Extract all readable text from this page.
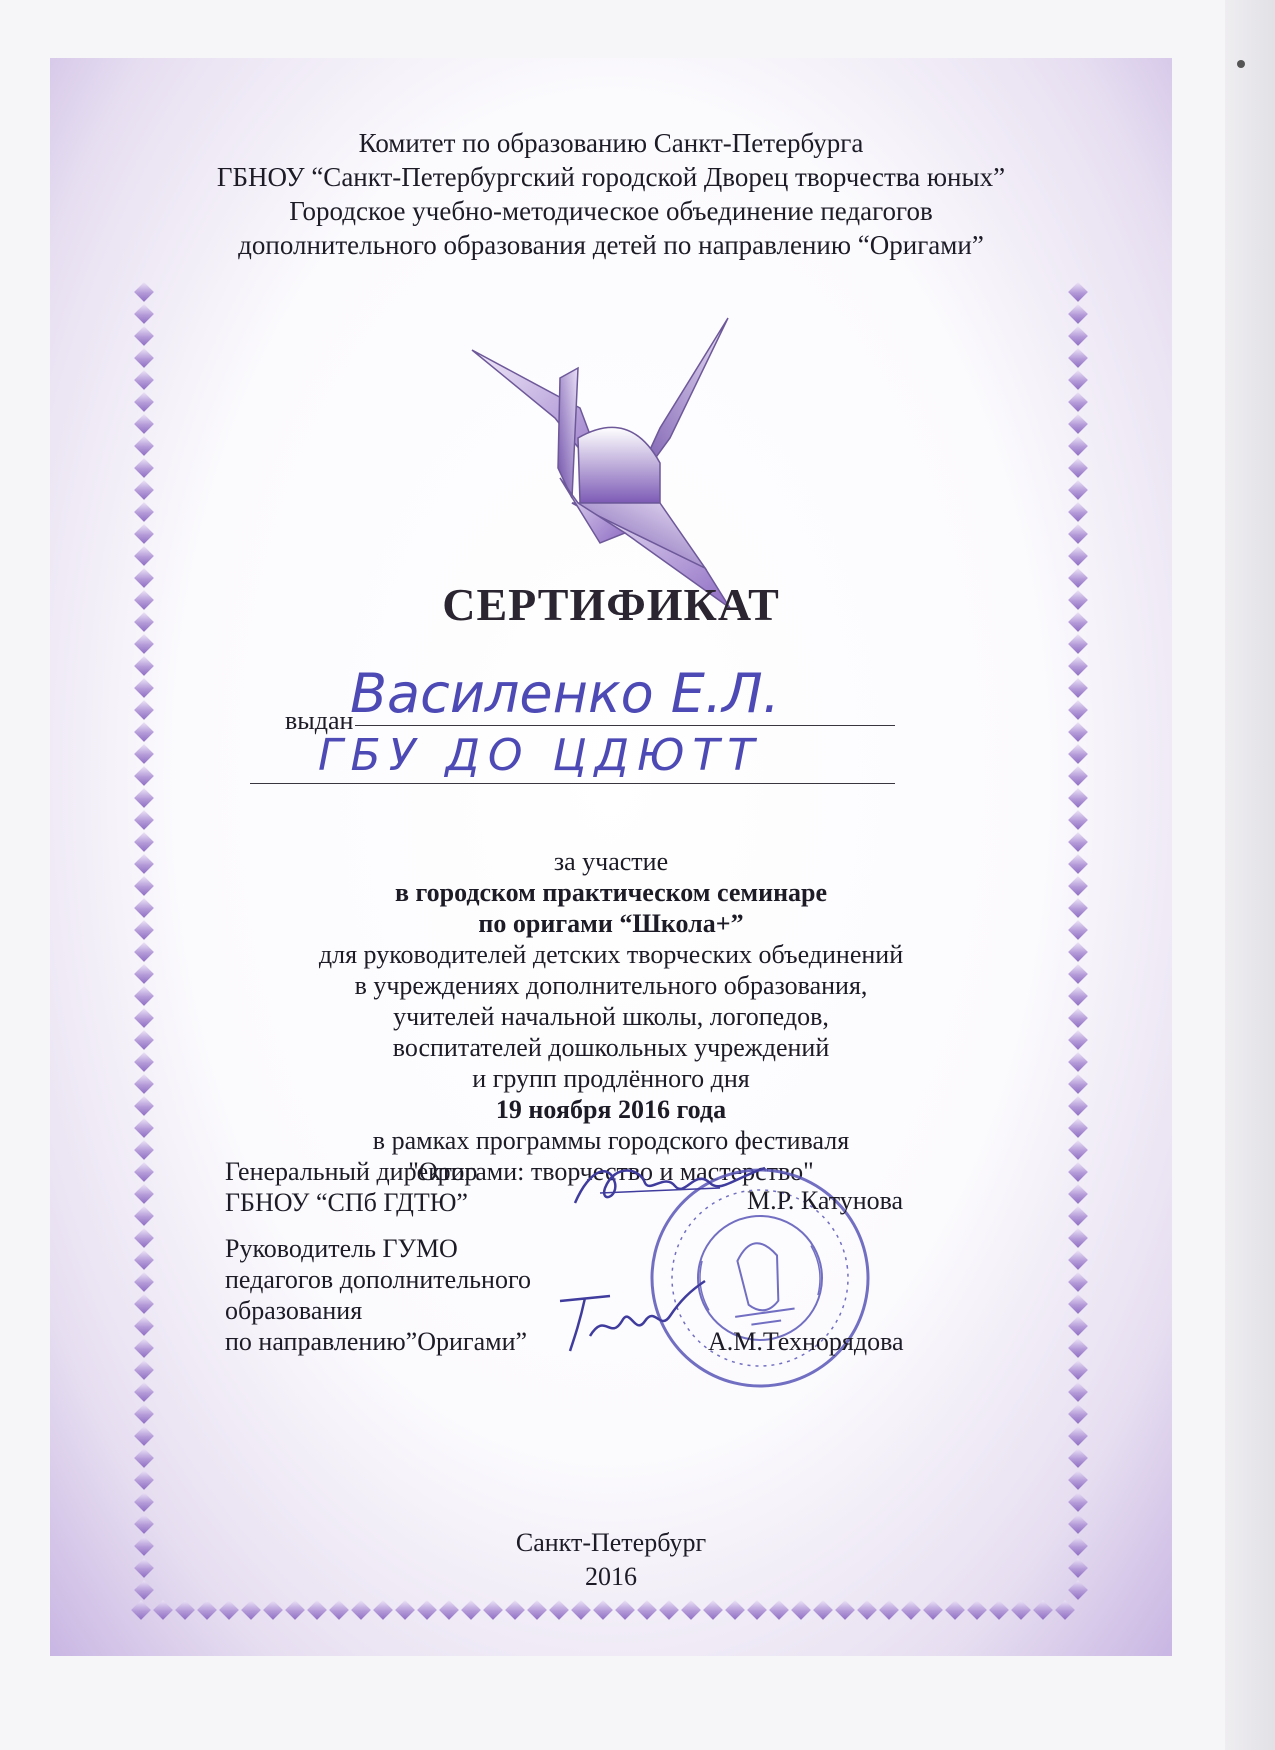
Комитет по образованию Санкт-Петербурга
ГБНОУ “Санкт-Петербургский городской Дворец творчества юных”
Городское учебно-методическое объединение педагогов
дополнительного образования детей по направлению “Оригами”
СЕРТИФИКАТ
выдан
Василенко Е.Л.
ГБУ ДО ЦДЮТТ
за участие
в городском практическом семинаре
по оригами “Школа+”
для руководителей детских творческих объединений
в учреждениях дополнительного образования,
учителей начальной школы, логопедов,
воспитателей дошкольных учреждений
и групп продлённого дня
19 ноября 2016 года
в рамках программы городского фестиваля
"Оригами: творчество и мастерство"
Генеральный директор
ГБНОУ “СПб ГДТЮ”	М.Р. Катунова
Руководитель ГУМО
педагогов дополнительного
образования
по направлению”Оригами”	А.М.Технорядова
Санкт-Петербург
2016
